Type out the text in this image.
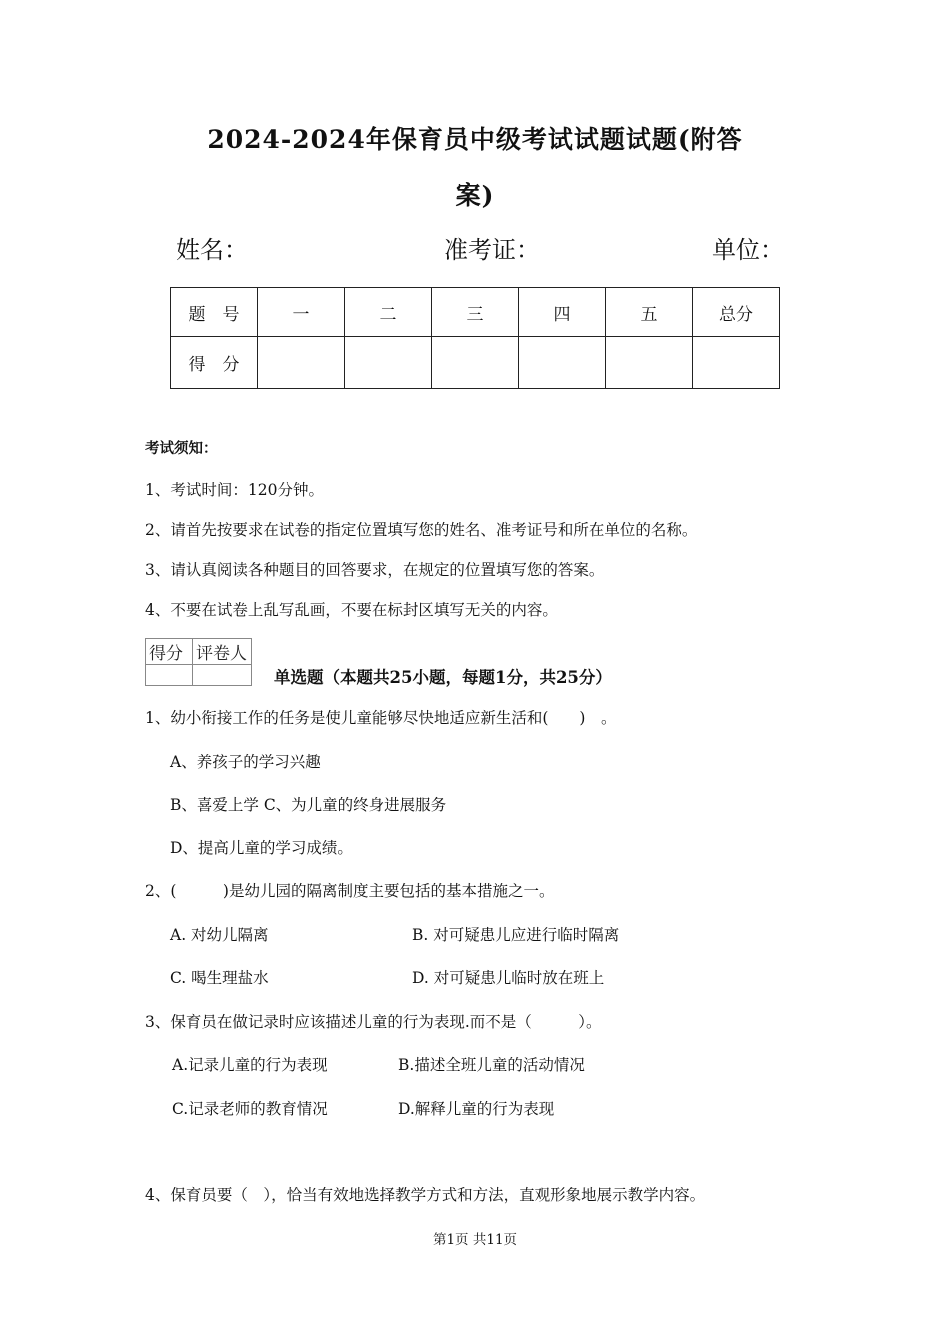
2024-2024年保育员中级考试试题试题(附答
案)
姓名：	准考证：	单位：
题　号	一	二	三	四	五	总分
得　分						
考试须知：
1、考试时间：120分钟。
2、请首先按要求在试卷的指定位置填写您的姓名、准考证号和所在单位的名称。
3、请认真阅读各种题目的回答要求，在规定的位置填写您的答案。
4、不要在试卷上乱写乱画，不要在标封区填写无关的内容。
得分	评卷人

单选题（本题共25小题，每题1分，共25分）
1、幼小衔接工作的任务是使儿童能够尽快地适应新生活和(　　)　。
A、养孩子的学习兴趣
B、喜爱上学 C、为儿童的终身进展服务
D、提高儿童的学习成绩。
2、(　　　)是幼儿园的隔离制度主要包括的基本措施之一。
A. 对幼儿隔离	B. 对可疑患儿应进行临时隔离
C. 喝生理盐水	D. 对可疑患儿临时放在班上
3、保育员在做记录时应该描述儿童的行为表现.而不是（　　　）。
A.记录儿童的行为表现	B.描述全班儿童的活动情况
C.记录老师的教育情况	D.解释儿童的行为表现
4、保育员要（　），恰当有效地选择教学方式和方法，直观形象地展示教学内容。
第1页 共11页
